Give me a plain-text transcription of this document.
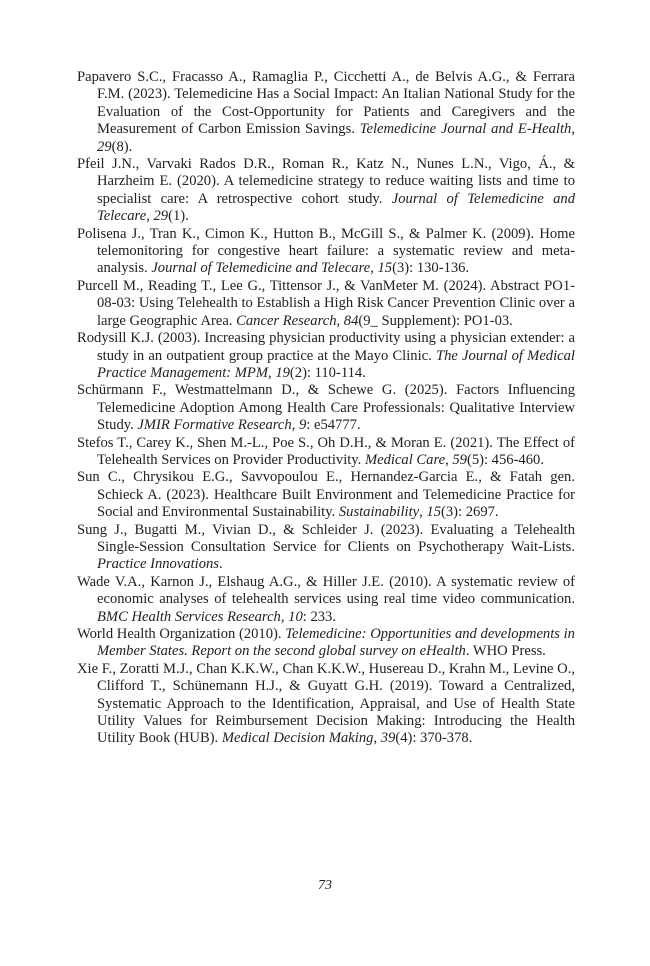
Papavero S.C., Fracasso A., Ramaglia P., Cicchetti A., de Belvis A.G., & Ferrara F.M. (2023). Telemedicine Has a Social Impact: An Italian National Study for the Evaluation of the Cost-Opportunity for Patients and Caregivers and the Measurement of Carbon Emission Savings. Telemedicine Journal and E-Health, 29(8).

Pfeil J.N., Varvaki Rados D.R., Roman R., Katz N., Nunes L.N., Vigo, Á., & Harzheim E. (2020). A telemedicine strategy to reduce waiting lists and time to specialist care: A retrospective cohort study. Journal of Telemedicine and Telecare, 29(1).

Polisena J., Tran K., Cimon K., Hutton B., McGill S., & Palmer K. (2009). Home telemonitoring for congestive heart failure: a systematic review and meta-analysis. Journal of Telemedicine and Telecare, 15(3): 130-136.

Purcell M., Reading T., Lee G., Tittensor J., & VanMeter M. (2024). Abstract PO1-08-03: Using Telehealth to Establish a High Risk Cancer Prevention Clinic over a large Geographic Area. Cancer Research, 84(9_ Supplement): PO1-03.

Rodysill K.J. (2003). Increasing physician productivity using a physician extender: a study in an outpatient group practice at the Mayo Clinic. The Journal of Medical Practice Management: MPM, 19(2): 110-114.

Schürmann F., Westmattelmann D., & Schewe G. (2025). Factors Influencing Telemedicine Adoption Among Health Care Professionals: Qualitative Interview Study. JMIR Formative Research, 9: e54777.

Stefos T., Carey K., Shen M.-L., Poe S., Oh D.H., & Moran E. (2021). The Effect of Telehealth Services on Provider Productivity. Medical Care, 59(5): 456-460.

Sun C., Chrysikou E.G., Savvopoulou E., Hernandez-Garcia E., & Fatah gen. Schieck A. (2023). Healthcare Built Environment and Telemedicine Practice for Social and Environmental Sustainability. Sustainability, 15(3): 2697.

Sung J., Bugatti M., Vivian D., & Schleider J. (2023). Evaluating a Telehealth Single-Session Consultation Service for Clients on Psychotherapy Wait-Lists. Practice Innovations.

Wade V.A., Karnon J., Elshaug A.G., & Hiller J.E. (2010). A systematic review of economic analyses of telehealth services using real time video communication. BMC Health Services Research, 10: 233.

World Health Organization (2010). Telemedicine: Opportunities and developments in Member States. Report on the second global survey on eHealth. WHO Press.

Xie F., Zoratti M.J., Chan K.K.W., Chan K.K.W., Husereau D., Krahn M., Levine O., Clifford T., Schünemann H.J., & Guyatt G.H. (2019). Toward a Centralized, Systematic Approach to the Identification, Appraisal, and Use of Health State Utility Values for Reimbursement Decision Making: Introducing the Health Utility Book (HUB). Medical Decision Making, 39(4): 370-378.

73
